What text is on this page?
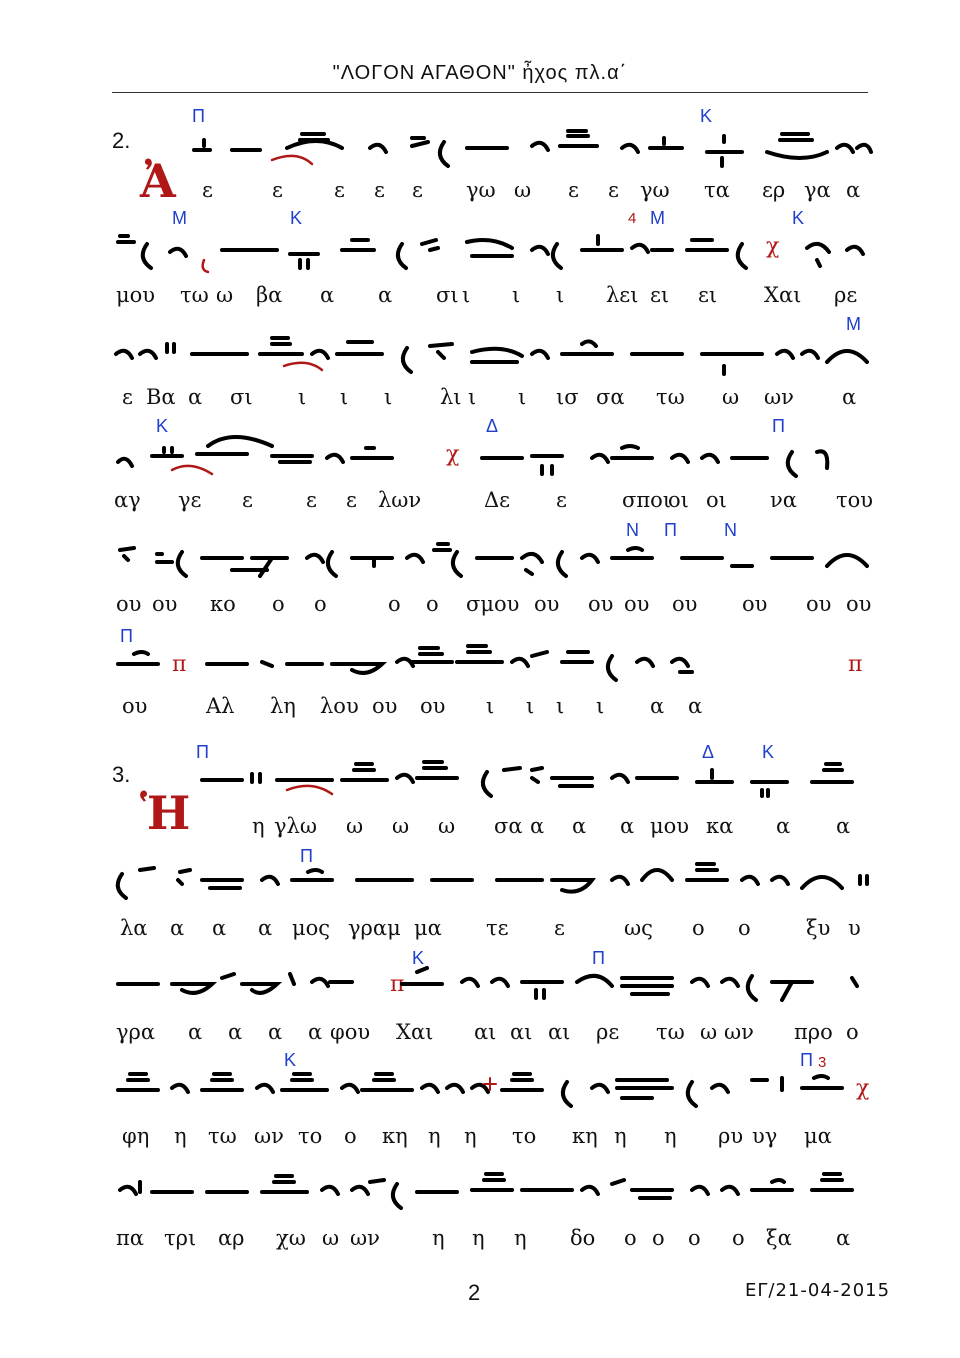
"ΛΟΓΟΝ ΑΓΑΘΟΝ" ἦχος πλ.α΄
2.
Ἀ
3.
Ἡ
Π	Κ
Μ	Κ	4 Μ	Κ
Μ
Κ	Δ	Π
Ν Π	Ν
Π
Π	Δ	Κ
Π
Κ	Π
Κ	Π 3
χ
χ
π	π
π
χ
ε	ε ε ε ε γω ω ε ε γω τα ερ γα α
μου τω ω βα α α σι ι ι ι λει ει ει Χαι ρε
ε Βα α σι ι ι ι λι ι ι ισ σα τω ω ων α
αγ γε ε	ε ε λων	Δε ε	σποι
οι οι να του
ου ου κο ο ο	ο ο σμου ου ου ου ου ου ου ου
ου	Αλ λη λου ου ου ι ι ι ι α α
η γλω ω ω ω σα α α α μου κα α α
λα α α α μος γραμ μα τε ε	ως ο ο	ξυ υ
γρα α α α α φου Χαι αι αι αι ρε τω ω ων προ ο
φη η τω ων το ο κη η η το κη η η ρυ υγ μα
πα τρι αρ χω ω ων η η η δο ο ο ο ο ξα α
2	ΕΓ/21-04-2015
